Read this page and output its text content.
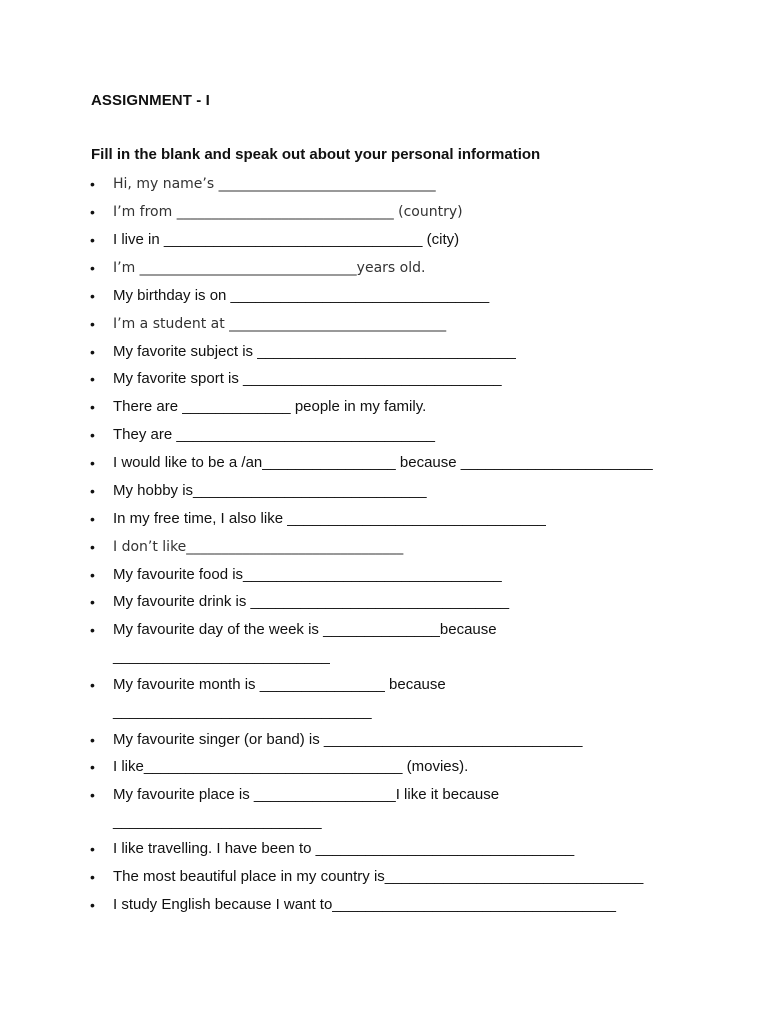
ASSIGNMENT - I
Fill in the blank and speak out about your personal information
• Hi, my name’s _______________________________
• I’m from _______________________________ (country)
• I live in _______________________________ (city)
• I’m _______________________________years old.
• My birthday is on _______________________________
• I’m a student at _______________________________
• My favorite subject is _______________________________
• My favorite sport is _______________________________
• There are _____________ people in my family.
• They are _______________________________
• I would like to be a /an________________ because _______________________
• My hobby is____________________________
• In my free time, I also like _______________________________
• I don’t like_______________________________
• My favourite food is_______________________________
• My favourite drink is _______________________________
• My favourite day of the week is ______________because
__________________________
• My favourite month is _______________ because
_______________________________
• My favourite singer (or band) is _______________________________
• I like_______________________________ (movies).
• My favourite place is _________________I like it because
_________________________
• I like travelling. I have been to _______________________________
• The most beautiful place in my country is_______________________________
• I study English because I want to__________________________________
